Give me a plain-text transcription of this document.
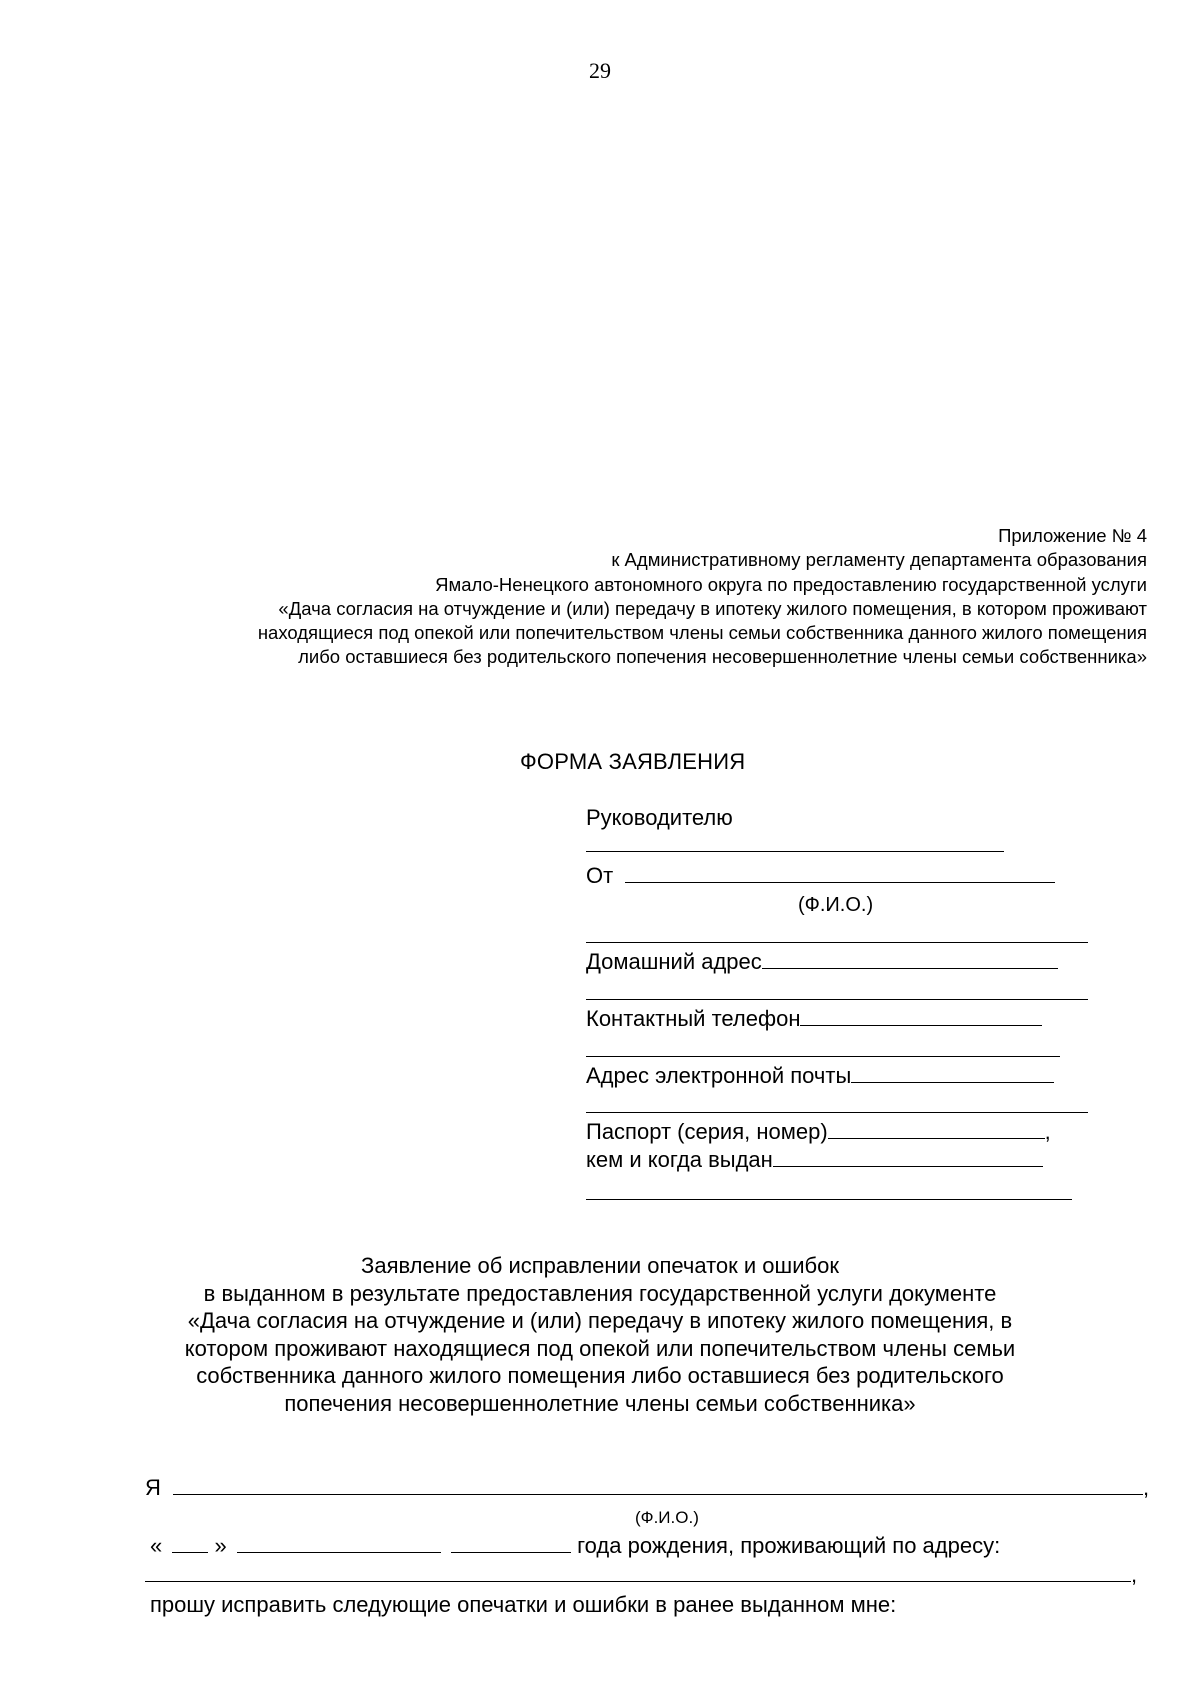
29
Приложение № 4
к Административному регламенту департамента образования
Ямало-Ненецкого автономного округа по предоставлению государственной услуги
«Дача согласия на отчуждение и (или) передачу в ипотеку жилого помещения, в котором проживают
находящиеся под опекой или попечительством члены семьи собственника данного жилого помещения
либо оставшиеся без родительского попечения несовершеннолетние члены семьи собственника»
ФОРМА ЗАЯВЛЕНИЯ
Руководителю
От
(Ф.И.О.)
Домашний адрес
Контактный телефон
Адрес электронной почты
Паспорт (серия, номер)	,
кем и когда выдан
Заявление об исправлении опечаток и ошибок
в выданном в результате предоставления государственной услуги документе
«Дача согласия на отчуждение и (или) передачу в ипотеку жилого помещения, в
котором проживают находящиеся под опекой или попечительством члены семьи
собственника данного жилого помещения либо оставшиеся без родительского
попечения несовершеннолетние члены семьи собственника»
Я	,
(Ф.И.О.)
« »	года рождения, проживающий по адресу:
,
прошу исправить следующие опечатки и ошибки в ранее выданном мне:
